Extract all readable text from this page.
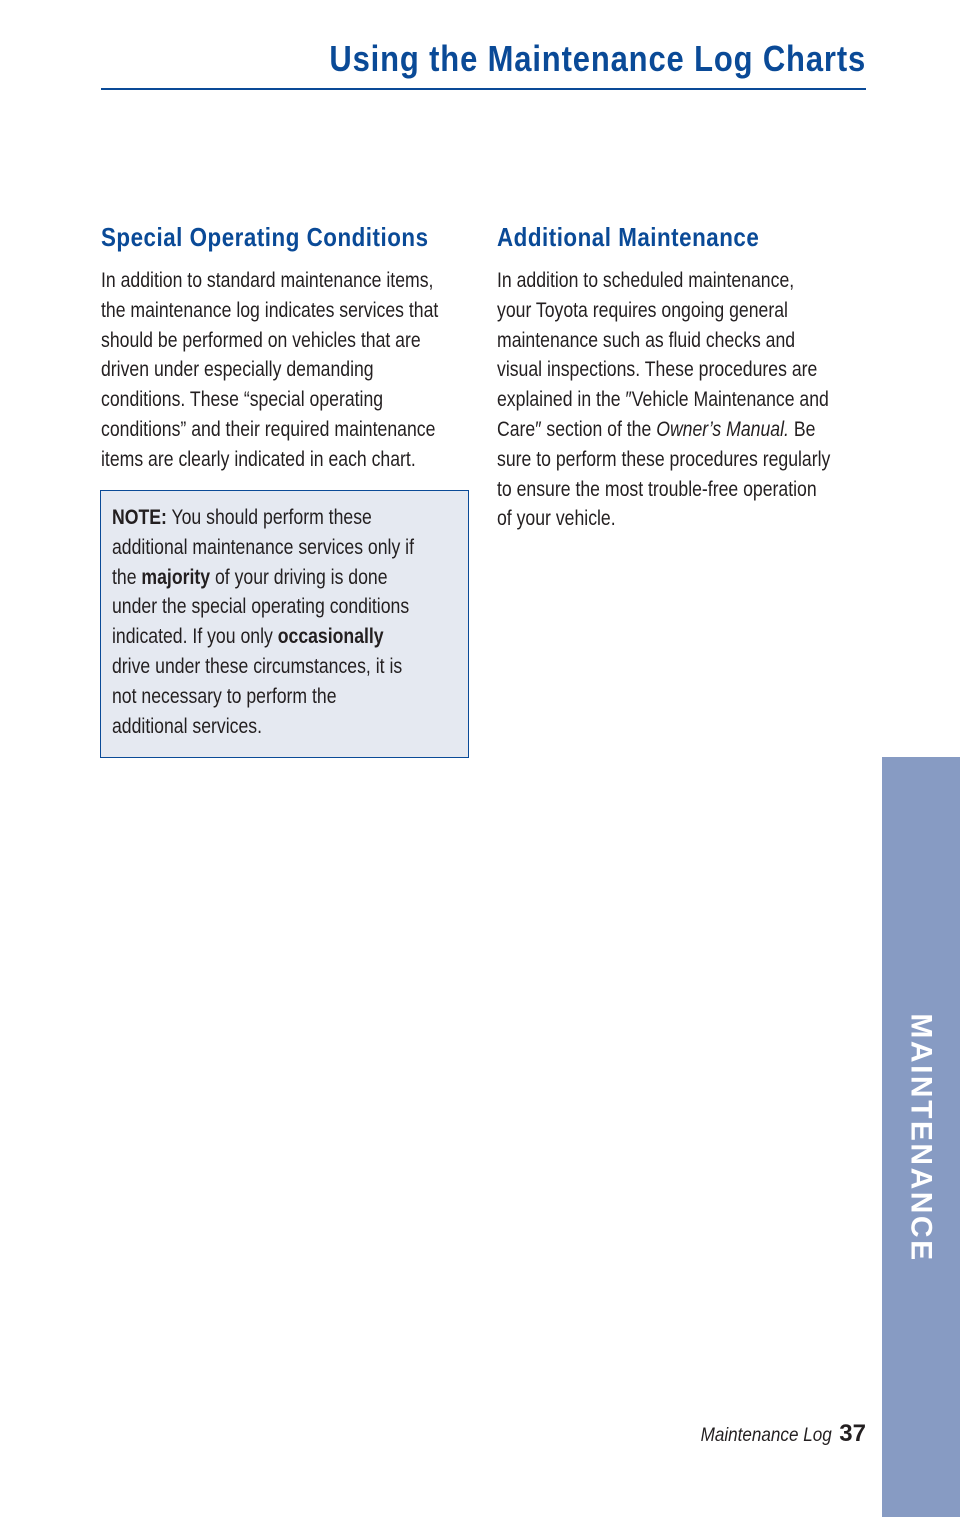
Using the Maintenance Log Charts
Special Operating Conditions
In addition to standard maintenance items,
the maintenance log indicates services that
should be performed on vehicles that are
driven under especially demanding
conditions. These “special operating
conditions” and their required maintenance
items are clearly indicated in each chart.
NOTE: You should perform these
additional maintenance services only if
the majority of your driving is done
under the special operating conditions
indicated. If you only occasionally
drive under these circumstances, it is
not necessary to perform the
additional services.
Additional Maintenance
In addition to scheduled maintenance,
your Toyota requires ongoing general
maintenance such as fluid checks and
visual inspections. These procedures are
explained in the ″Vehicle Maintenance and
Care″ section of the Owner’s Manual. Be
sure to perform these procedures regularly
to ensure the most trouble-free operation
of your vehicle.
MAINTENANCE
Maintenance Log 37
